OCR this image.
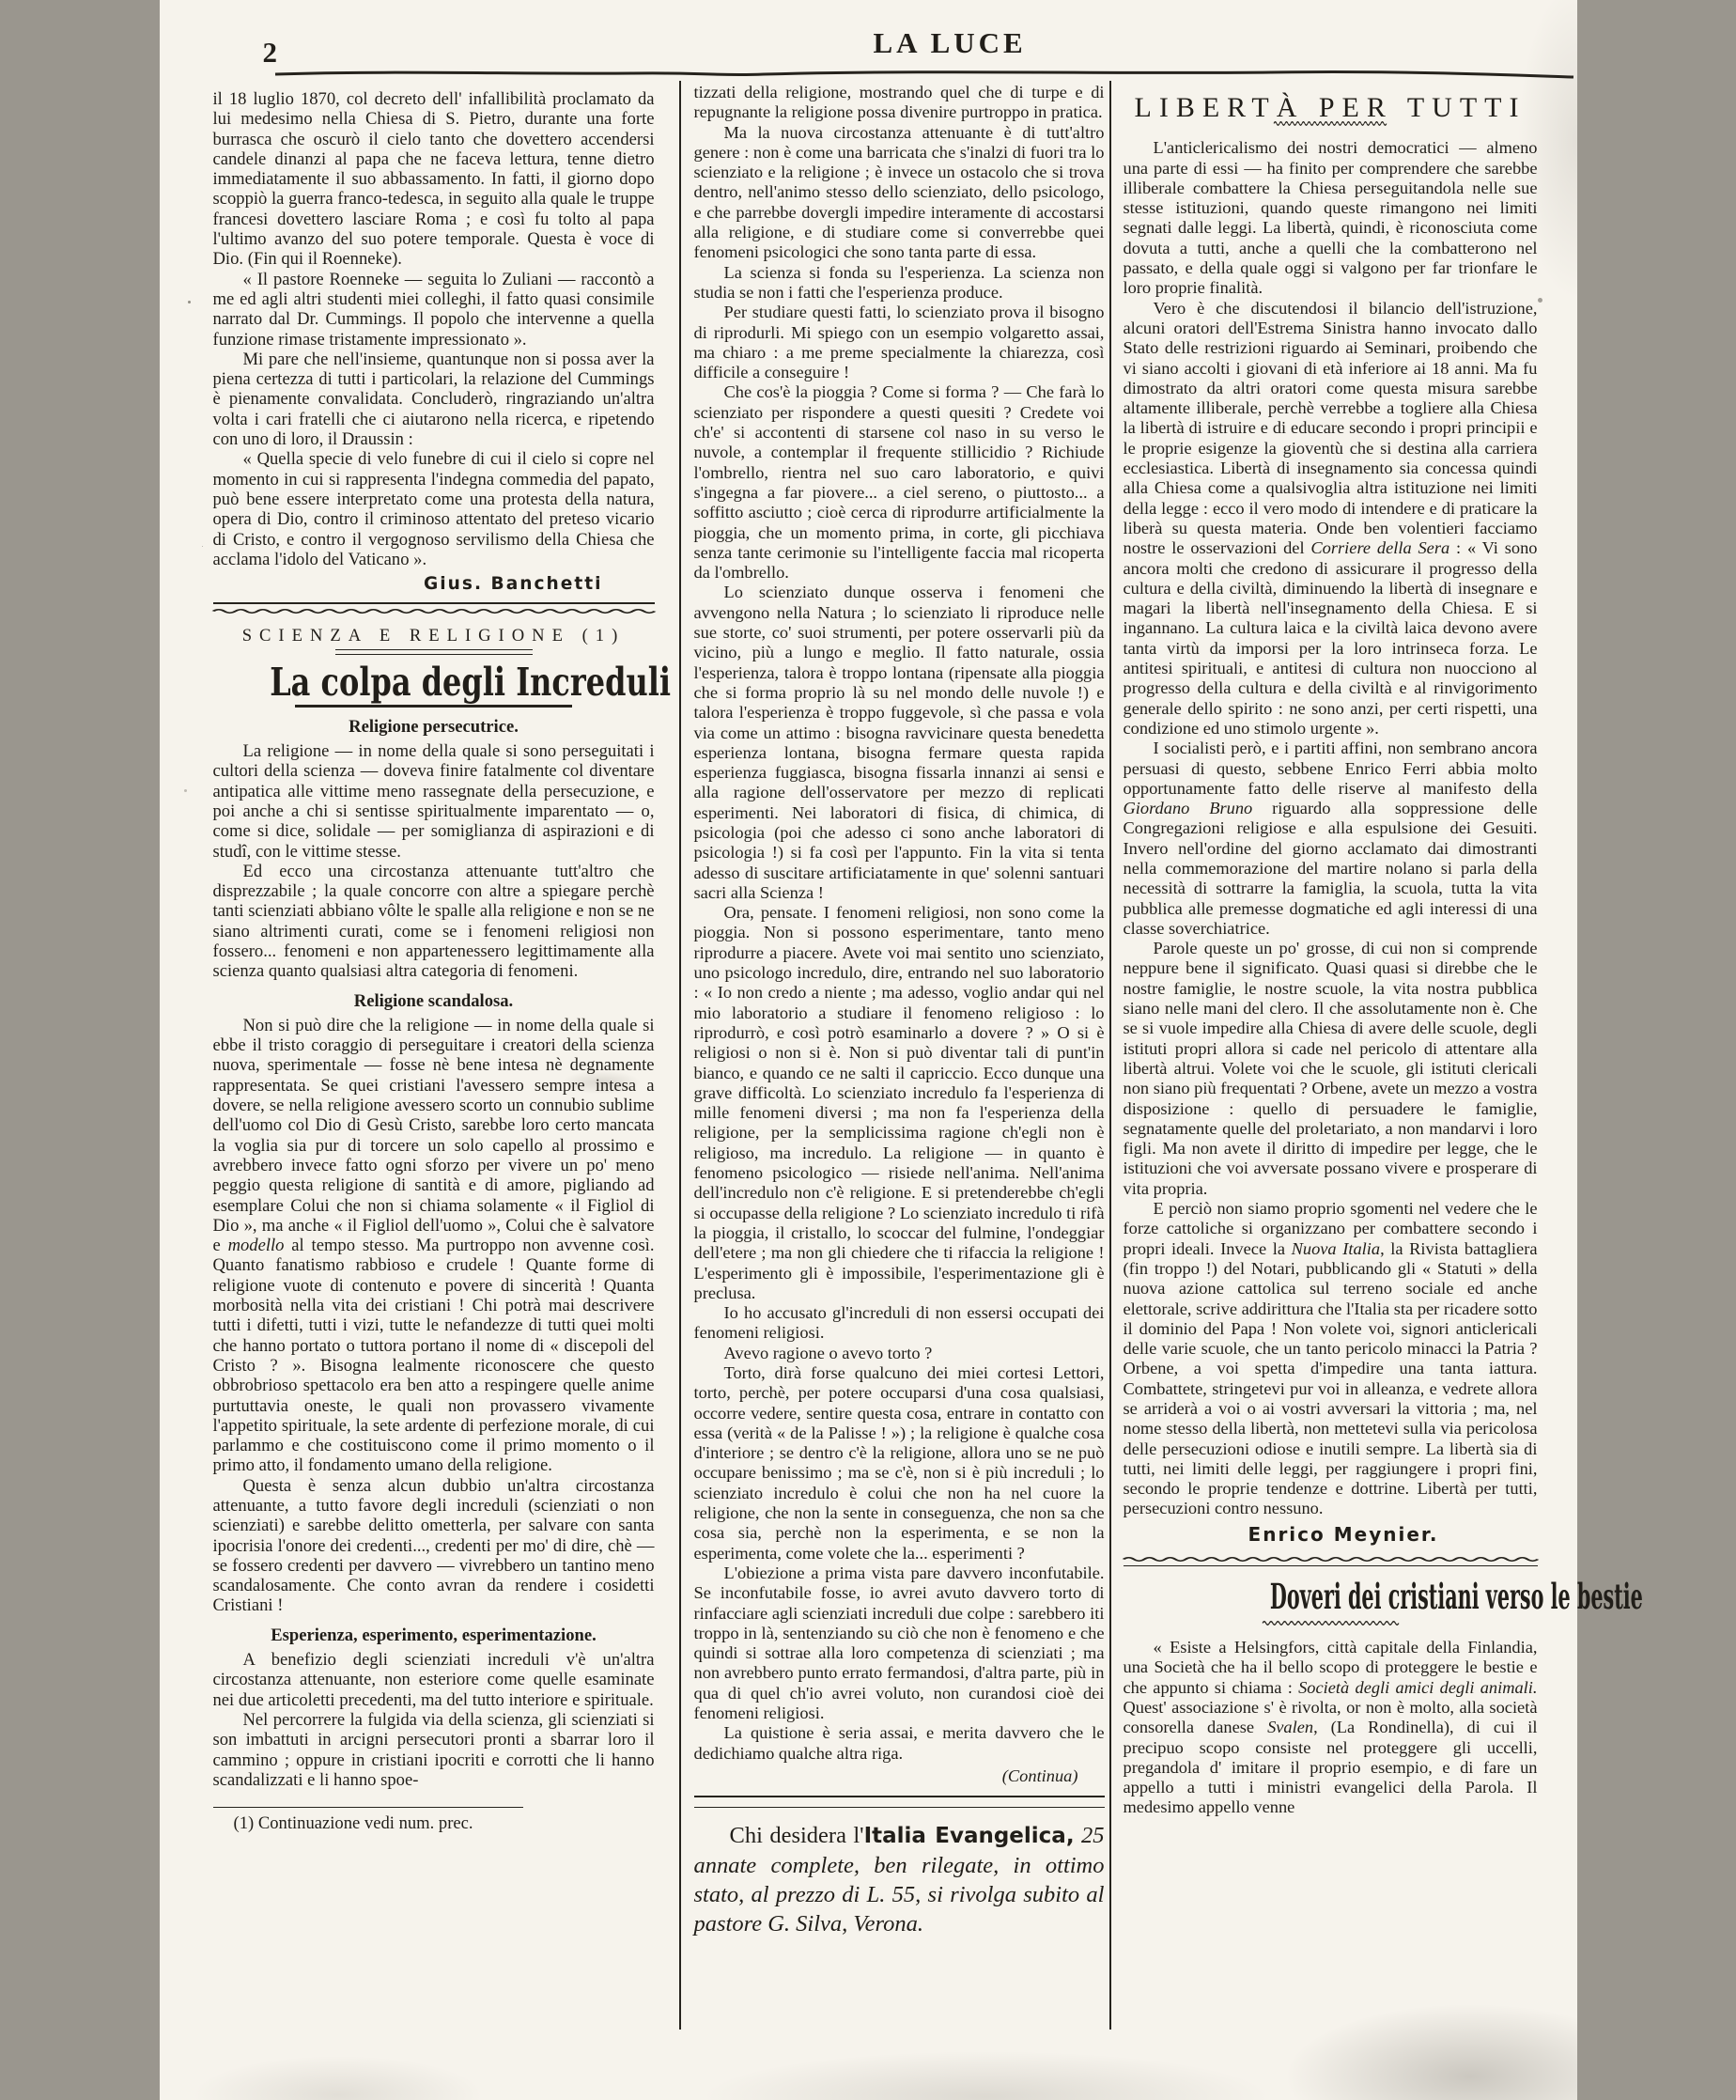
2	LA LUCE
il 18 luglio 1870, col decreto dell' infallibilità proclamato da lui medesimo nella Chiesa di S. Pietro, durante una forte burrasca che oscurò il cielo tanto che dovettero accendersi candele dinanzi al papa che ne faceva lettura, tenne dietro immediatamente il suo abbassamento. In fatti, il giorno dopo scoppiò la guerra franco-tedesca, in seguito alla quale le truppe francesi dovettero lasciare Roma ; e così fu tolto al papa l'ultimo avanzo del suo potere temporale. Questa è voce di Dio. (Fin qui il Roenneke).
« Il pastore Roenneke — seguita lo Zuliani — raccontò a me ed agli altri studenti miei colleghi, il fatto quasi consimile narrato dal Dr. Cummings. Il popolo che intervenne a quella funzione rimase tristamente impressionato ».
Mi pare che nell'insieme, quantunque non si possa aver la piena certezza di tutti i particolari, la relazione del Cummings è pienamente convalidata. Concluderò, ringraziando un'altra volta i cari fratelli che ci aiutarono nella ricerca, e ripetendo con uno di loro, il Draussin :
« Quella specie di velo funebre di cui il cielo si copre nel momento in cui si rappresenta l'indegna commedia del papato, può bene essere interpretato come una protesta della natura, opera di Dio, contro il criminoso attentato del preteso vicario di Cristo, e contro il vergognoso servilismo della Chiesa che acclama l'idolo del Vaticano ».
Gius. Banchetti
SCIENZA E RELIGIONE (1)
La colpa degli Increduli
Religione persecutrice.
La religione — in nome della quale si sono perseguitati i cultori della scienza — doveva finire fatalmente col diventare antipatica alle vittime meno rassegnate della persecuzione, e poi anche a chi si sentisse spiritualmente imparentato — o, come si dice, solidale — per somiglianza di aspirazioni e di studî, con le vittime stesse.
Ed ecco una circostanza attenuante tutt'altro che disprezzabile ; la quale concorre con altre a spiegare perchè tanti scienziati abbiano vôlte le spalle alla religione e non se ne siano altrimenti curati, come se i fenomeni religiosi non fossero... fenomeni e non appartenessero legittimamente alla scienza quanto qualsiasi altra categoria di fenomeni.
Religione scandalosa.
Non si può dire che la religione — in nome della quale si ebbe il tristo coraggio di perseguitare i creatori della scienza nuova, sperimentale — fosse nè bene intesa nè degnamente rappresentata. Se quei cristiani l'avessero sempre intesa a dovere, se nella religione avessero scorto un connubio sublime dell'uomo col Dio di Gesù Cristo, sarebbe loro certo mancata la voglia sia pur di torcere un solo capello al prossimo e avrebbero invece fatto ogni sforzo per vivere un po' meno peggio questa religione di santità e di amore, pigliando ad esemplare Colui che non si chiama solamente « il Figliol di Dio », ma anche « il Figliol dell'uomo », Colui che è salvatore e modello al tempo stesso. Ma purtroppo non avvenne così. Quanto fanatismo rabbioso e crudele ! Quante forme di religione vuote di contenuto e povere di sincerità ! Quanta morbosità nella vita dei cristiani ! Chi potrà mai descrivere tutti i difetti, tutti i vizi, tutte le nefandezze di tutti quei molti che hanno portato o tuttora portano il nome di « discepoli del Cristo ? ». Bisogna lealmente riconoscere che questo obbrobrioso spettacolo era ben atto a respingere quelle anime purtuttavia oneste, le quali non provassero vivamente l'appetito spirituale, la sete ardente di perfezione morale, di cui parlammo e che costituiscono come il primo momento o il primo atto, il fondamento umano della religione.
Questa è senza alcun dubbio un'altra circostanza attenuante, a tutto favore degli increduli (scienziati o non scienziati) e sarebbe delitto ometterla, per salvare con santa ipocrisia l'onore dei credenti..., credenti per mo' di dire, chè — se fossero credenti per davvero — vivrebbero un tantino meno scandalosamente. Che conto avran da rendere i cosidetti Cristiani !
Esperienza, esperimento, esperimentazione.
A benefizio degli scienziati increduli v'è un'altra circostanza attenuante, non esteriore come quelle esaminate nei due articoletti precedenti, ma del tutto interiore e spirituale.
Nel percorrere la fulgida via della scienza, gli scienziati si son imbattuti in arcigni persecutori pronti a sbarrar loro il cammino ; oppure in cristiani ipocriti e corrotti che li hanno scandalizzati e li hanno spoe-
(1) Continuazione vedi num. prec.
tizzati della religione, mostrando quel che di turpe e di repugnante la religione possa divenire purtroppo in pratica.
Ma la nuova circostanza attenuante è di tutt'altro genere : non è come una barricata che s'inalzi di fuori tra lo scienziato e la religione ; è invece un ostacolo che si trova dentro, nell'animo stesso dello scienziato, dello psicologo, e che parrebbe dovergli impedire interamente di accostarsi alla religione, e di studiare come si converrebbe quei fenomeni psicologici che sono tanta parte di essa.
La scienza si fonda su l'esperienza. La scienza non studia se non i fatti che l'esperienza produce.
Per studiare questi fatti, lo scienziato prova il bisogno di riprodurli. Mi spiego con un esempio volgaretto assai, ma chiaro : a me preme specialmente la chiarezza, così difficile a conseguire !
Che cos'è la pioggia ? Come si forma ? — Che farà lo scienziato per rispondere a questi quesiti ? Credete voi ch'e' si accontenti di starsene col naso in su verso le nuvole, a contemplar il frequente stillicidio ? Richiude l'ombrello, rientra nel suo caro laboratorio, e quivi s'ingegna a far piovere... a ciel sereno, o piuttosto... a soffitto asciutto ; cioè cerca di riprodurre artificialmente la pioggia, che un momento prima, in corte, gli picchiava senza tante cerimonie su l'intelligente faccia mal ricoperta da l'ombrello.
Lo scienziato dunque osserva i fenomeni che avvengono nella Natura ; lo scienziato li riproduce nelle sue storte, co' suoi strumenti, per potere osservarli più da vicino, più a lungo e meglio. Il fatto naturale, ossia l'esperienza, talora è troppo lontana (ripensate alla pioggia che si forma proprio là su nel mondo delle nuvole !) e talora l'esperienza è troppo fuggevole, sì che passa e vola via come un attimo : bisogna ravvicinare questa benedetta esperienza lontana, bisogna fermare questa rapida esperienza fuggiasca, bisogna fissarla innanzi ai sensi e alla ragione dell'osservatore per mezzo di replicati esperimenti. Nei laboratori di fisica, di chimica, di psicologia (poi che adesso ci sono anche laboratori di psicologia !) si fa così per l'appunto. Fin la vita si tenta adesso di suscitare artificiatamente in que' solenni santuari sacri alla Scienza !
Ora, pensate. I fenomeni religiosi, non sono come la pioggia. Non si possono esperimentare, tanto meno riprodurre a piacere. Avete voi mai sentito uno scienziato, uno psicologo incredulo, dire, entrando nel suo laboratorio : « Io non credo a niente ; ma adesso, voglio andar qui nel mio laboratorio a studiare il fenomeno religioso : lo riprodurrò, e così potrò esaminarlo a dovere ? » O si è religiosi o non si è. Non si può diventar tali di punt'in bianco, e quando ce ne salti il capriccio. Ecco dunque una grave difficoltà. Lo scienziato incredulo fa l'esperienza di mille fenomeni diversi ; ma non fa l'esperienza della religione, per la semplicissima ragione ch'egli non è religioso, ma incredulo. La religione — in quanto è fenomeno psicologico — risiede nell'anima. Nell'anima dell'incredulo non c'è religione. E si pretenderebbe ch'egli si occupasse della religione ? Lo scienziato incredulo ti rifà la pioggia, il cristallo, lo scoccar del fulmine, l'ondeggiar dell'etere ; ma non gli chiedere che ti rifaccia la religione ! L'esperimento gli è impossibile, l'esperimentazione gli è preclusa.
Io ho accusato gl'increduli di non essersi occupati dei fenomeni religiosi.
Avevo ragione o avevo torto ?
Torto, dirà forse qualcuno dei miei cortesi Lettori, torto, perchè, per potere occuparsi d'una cosa qualsiasi, occorre vedere, sentire questa cosa, entrare in contatto con essa (verità « de la Palisse ! ») ; la religione è qualche cosa d'interiore ; se dentro c'è la religione, allora uno se ne può occupare benissimo ; ma se c'è, non si è più increduli ; lo scienziato incredulo è colui che non ha nel cuore la religione, che non la sente in conseguenza, che non sa che cosa sia, perchè non la esperimenta, e se non la esperimenta, come volete che la... esperimenti ?
L'obiezione a prima vista pare davvero inconfutabile. Se inconfutabile fosse, io avrei avuto davvero torto di rinfacciare agli scienziati increduli due colpe : sarebbero iti troppo in là, sentenziando su ciò che non è fenomeno e che quindi si sottrae alla loro competenza di scienziati ; ma non avrebbero punto errato fermandosi, d'altra parte, più in qua di quel ch'io avrei voluto, non curandosi cioè dei fenomeni religiosi.
La quistione è seria assai, e merita davvero che le dedichiamo qualche altra riga.
(Continua)
Chi desidera l'Italia Evangelica, 25 annate complete, ben rilegate, in ottimo stato, al prezzo di L. 55, si rivolga subito al pastore G. Silva, Verona.
LIBERTÀ PER TUTTI
L'anticlericalismo dei nostri democratici — almeno una parte di essi — ha finito per comprendere che sarebbe illiberale combattere la Chiesa perseguitandola nelle sue stesse istituzioni, quando queste rimangono nei limiti segnati dalle leggi. La libertà, quindi, è riconosciuta come dovuta a tutti, anche a quelli che la combatterono nel passato, e della quale oggi si valgono per far trionfare le loro proprie finalità.
Vero è che discutendosi il bilancio dell'istruzione, alcuni oratori dell'Estrema Sinistra hanno invocato dallo Stato delle restrizioni riguardo ai Seminari, proibendo che vi siano accolti i giovani di età inferiore ai 18 anni. Ma fu dimostrato da altri oratori come questa misura sarebbe altamente illiberale, perchè verrebbe a togliere alla Chiesa la libertà di istruire e di educare secondo i propri principii e le proprie esigenze la gioventù che si destina alla carriera ecclesiastica. Libertà di insegnamento sia concessa quindi alla Chiesa come a qualsivoglia altra istituzione nei limiti della legge : ecco il vero modo di intendere e di praticare la liberà su questa materia. Onde ben volentieri facciamo nostre le osservazioni del Corriere della Sera : « Vi sono ancora molti che credono di assicurare il progresso della cultura e della civiltà, diminuendo la libertà di insegnare e magari la libertà nell'insegnamento della Chiesa. E si ingannano. La cultura laica e la civiltà laica devono avere tanta virtù da imporsi per la loro intrinseca forza. Le antitesi spirituali, e antitesi di cultura non nuocciono al progresso della cultura e della civiltà e al rinvigorimento generale dello spirito : ne sono anzi, per certi rispetti, una condizione ed uno stimolo urgente ».
I socialisti però, e i partiti affini, non sembrano ancora persuasi di questo, sebbene Enrico Ferri abbia molto opportunamente fatto delle riserve al manifesto della Giordano Bruno riguardo alla soppressione delle Congregazioni religiose e alla espulsione dei Gesuiti. Invero nell'ordine del giorno acclamato dai dimostranti nella commemorazione del martire nolano si parla della necessità di sottrarre la famiglia, la scuola, tutta la vita pubblica alle premesse dogmatiche ed agli interessi di una classe soverchiatrice.
Parole queste un po' grosse, di cui non si comprende neppure bene il significato. Quasi quasi si direbbe che le nostre famiglie, le nostre scuole, la vita nostra pubblica siano nelle mani del clero. Il che assolutamente non è. Che se si vuole impedire alla Chiesa di avere delle scuole, degli istituti propri allora si cade nel pericolo di attentare alla libertà altrui. Volete voi che le scuole, gli istituti clericali non siano più frequentati ? Orbene, avete un mezzo a vostra disposizione : quello di persuadere le famiglie, segnatamente quelle del proletariato, a non mandarvi i loro figli. Ma non avete il diritto di impedire per legge, che le istituzioni che voi avversate possano vivere e prosperare di vita propria.
E perciò non siamo proprio sgomenti nel vedere che le forze cattoliche si organizzano per combattere secondo i propri ideali. Invece la Nuova Italia, la Rivista battagliera (fin troppo !) del Notari, pubblicando gli « Statuti » della nuova azione cattolica sul terreno sociale ed anche elettorale, scrive addirittura che l'Italia sta per ricadere sotto il dominio del Papa ! Non volete voi, signori anticlericali delle varie scuole, che un tanto pericolo minacci la Patria ? Orbene, a voi spetta d'impedire una tanta iattura. Combattete, stringetevi pur voi in alleanza, e vedrete allora se arriderà a voi o ai vostri avversari la vittoria ; ma, nel nome stesso della libertà, non mettetevi sulla via pericolosa delle persecuzioni odiose e inutili sempre. La libertà sia di tutti, nei limiti delle leggi, per raggiungere i propri fini, secondo le proprie tendenze e dottrine. Libertà per tutti, persecuzioni contro nessuno.
Enrico Meynier.
Doveri dei cristiani verso le bestie
« Esiste a Helsingfors, città capitale della Finlandia, una Società che ha il bello scopo di proteggere le bestie e che appunto si chiama : Società degli amici degli animali. Quest' associazione s' è rivolta, or non è molto, alla società consorella danese Svalen, (La Rondinella), di cui il precipuo scopo consiste nel proteggere gli uccelli, pregandola d' imitare il proprio esempio, e di fare un appello a tutti i ministri evangelici della Parola. Il medesimo appello venne
